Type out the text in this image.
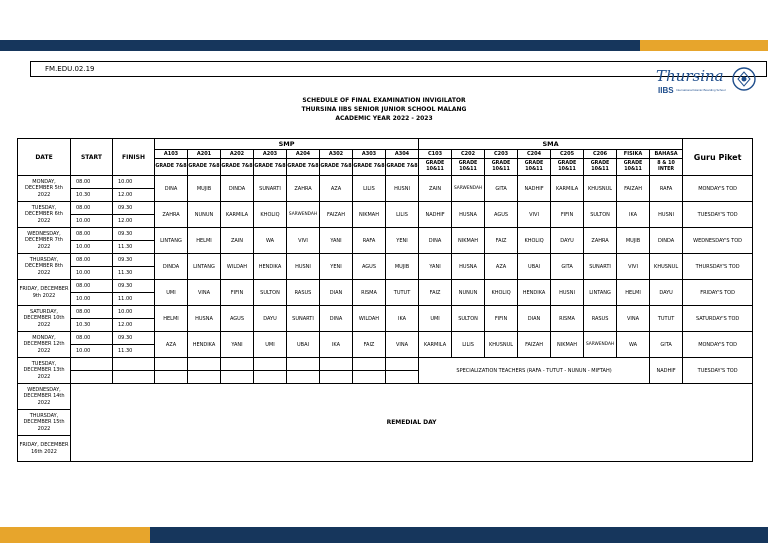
FM.EDU.02.19	Thursina
IIBS International Islamic Boarding School
SCHEDULE OF FINAL EXAMINATION INVIGILATOR
THURSINA IIBS SENIOR JUNIOR SCHOOL MALANG
ACADEMIC YEAR 2022 - 2023
DATE	START	FINISH	SMP								SMA								Guru Piket
			A103	A201	A202	A203	A204	A302	A303	A304	C103	C202	C203	C204	C205	C206	FISIKA	BAHASA	
			GRADE 7&8	GRADE 7&8	GRADE 7&8	GRADE 7&8	GRADE 7&8	GRADE 7&8	GRADE 7&8	GRADE 7&8	GRADE 10&11	GRADE 10&11	GRADE 10&11	GRADE 10&11	GRADE 10&11	GRADE 10&11	GRADE 10&11	8 & 10 INTER	
MONDAY, DECEMBER 5th 2022	08.00	10.00	DINA	MUJIB	DINDA	SUNARTI	ZAHRA	AZA	LILIS	HUSNI	ZAIN	SARWENDAH	GITA	NADHIF	KARMILA	KHUSNUL	FAIZAH	RAFA	MONDAY'S TOD
	10.30	12.00																	
TUESDAY, DECEMBER 6th 2022	08.00	09.30	ZAHRA	NUNUN	KARMILA	KHOLIQ	SARWENDAH	FAIZAH	NIKMAH	LILIS	NADHIF	HUSNA	AGUS	VIVI	FIFIN	SULTON	IKA	HUSNI	TUESDAY'S TOD
	10.00	12.00																	
WEDNESDAY, DECEMBER 7th 2022	08.00	09.30	LINTANG	HELMI	ZAIN	WA	VIVI	YANI	RAFA	YENI	DINA	NIKMAH	FAIZ	KHOLIQ	DAYU	ZAHRA	MUJIB	DINDA	WEDNESDAY'S TOD
	10.00	11.30																	
THURSDAY, DECEMBER 8th 2022	08.00	09.30	DINDA	LINTANG	WILDAH	HENDIKA	HUSNI	YENI	AGUS	MUJIB	YANI	HUSNA	AZA	UBAI	GITA	SUNARTI	VIVI	KHUSNUL	THURSDAY'S TOD
	10.00	11.30																	
FRIDAY, DECEMBER 9th 2022	08.00	09.30	UMI	VINA	FIFIN	SULTON	RASUS	DIAN	RISMA	TUTUT	FAIZ	NUNUN	KHOLIQ	HENDIKA	HUSNI	LINTANG	HELMI	DAYU	FRIDAY'S TOD
	10.00	11.00																	
SATURDAY, DECEMBER 10th 2022	08.00	10.00	HELMI	HUSNA	AGUS	DAYU	SUNARTI	DINA	WILDAH	IKA	UMI	SULTON	FIFIN	DIAN	RISMA	RASUS	VINA	TUTUT	SATURDAY'S TOD
	10.30	12.00																	
MONDAY, DECEMBER 12th 2022	08.00	09.30	AZA	HENDIKA	YANI	UMI	UBAI	IKA	FAIZ	VINA	KARMILA	LILIS	KHUSNUL	FAIZAH	NIKMAH	SARWENDAH	WA	GITA	MONDAY'S TOD
	10.00	11.30																	
TUESDAY, DECEMBER 13th 2022											SPECIALIZATION TEACHERS (RAFA - TUTUT - NUNUN - MIFTAH)							NADHIF	TUESDAY'S TOD

WEDNESDAY, DECEMBER 14th 2022	REMEDIAL DAY																		
THURSDAY, DECEMBER 15th 2022																			
FRIDAY, DECEMBER 16th 2022																			
